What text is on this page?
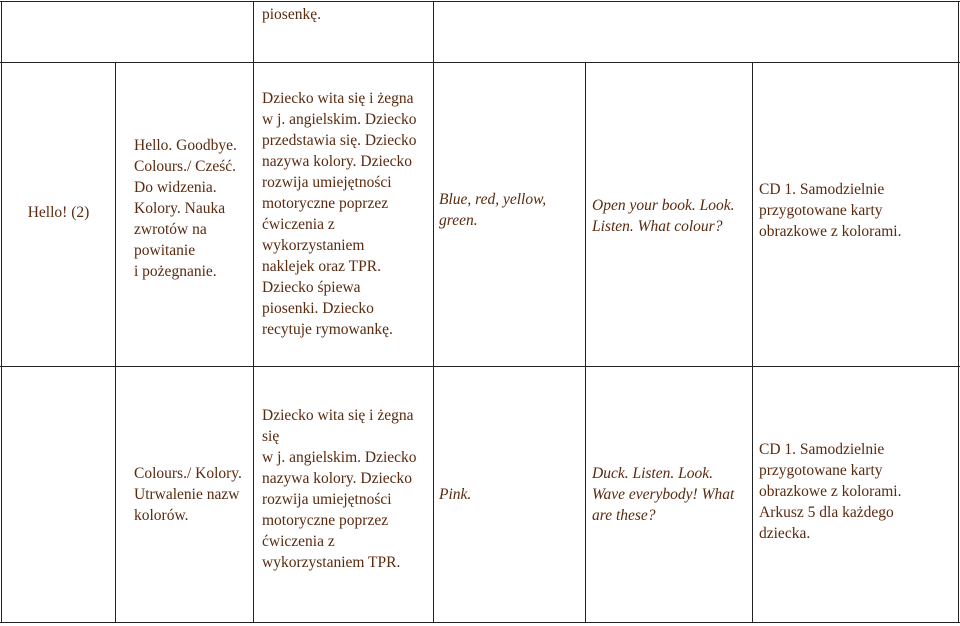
piosenkę.
Hello! (2)
Hello. Goodbye.
Colours./ Cześć.
Do widzenia.
Kolory. Nauka
zwrotów na
powitanie
i pożegnanie.
Dziecko wita się i żegna
w j. angielskim. Dziecko
przedstawia się. Dziecko
nazywa kolory. Dziecko
rozwija umiejętności
motoryczne poprzez
ćwiczenia z
wykorzystaniem
naklejek oraz TPR.
Dziecko śpiewa
piosenki. Dziecko
recytuje rymowankę.
Blue, red, yellow,
green.
Open your book. Look.
Listen. What colour?
CD 1. Samodzielnie
przygotowane karty
obrazkowe z kolorami.
Colours./ Kolory.
Utrwalenie nazw
kolorów.
Dziecko wita się i żegna
się
w j. angielskim. Dziecko
nazywa kolory. Dziecko
rozwija umiejętności
motoryczne poprzez
ćwiczenia z
wykorzystaniem TPR.
Pink.
Duck. Listen. Look.
Wave everybody! What
are these?
CD 1. Samodzielnie
przygotowane karty
obrazkowe z kolorami.
Arkusz 5 dla każdego
dziecka.
